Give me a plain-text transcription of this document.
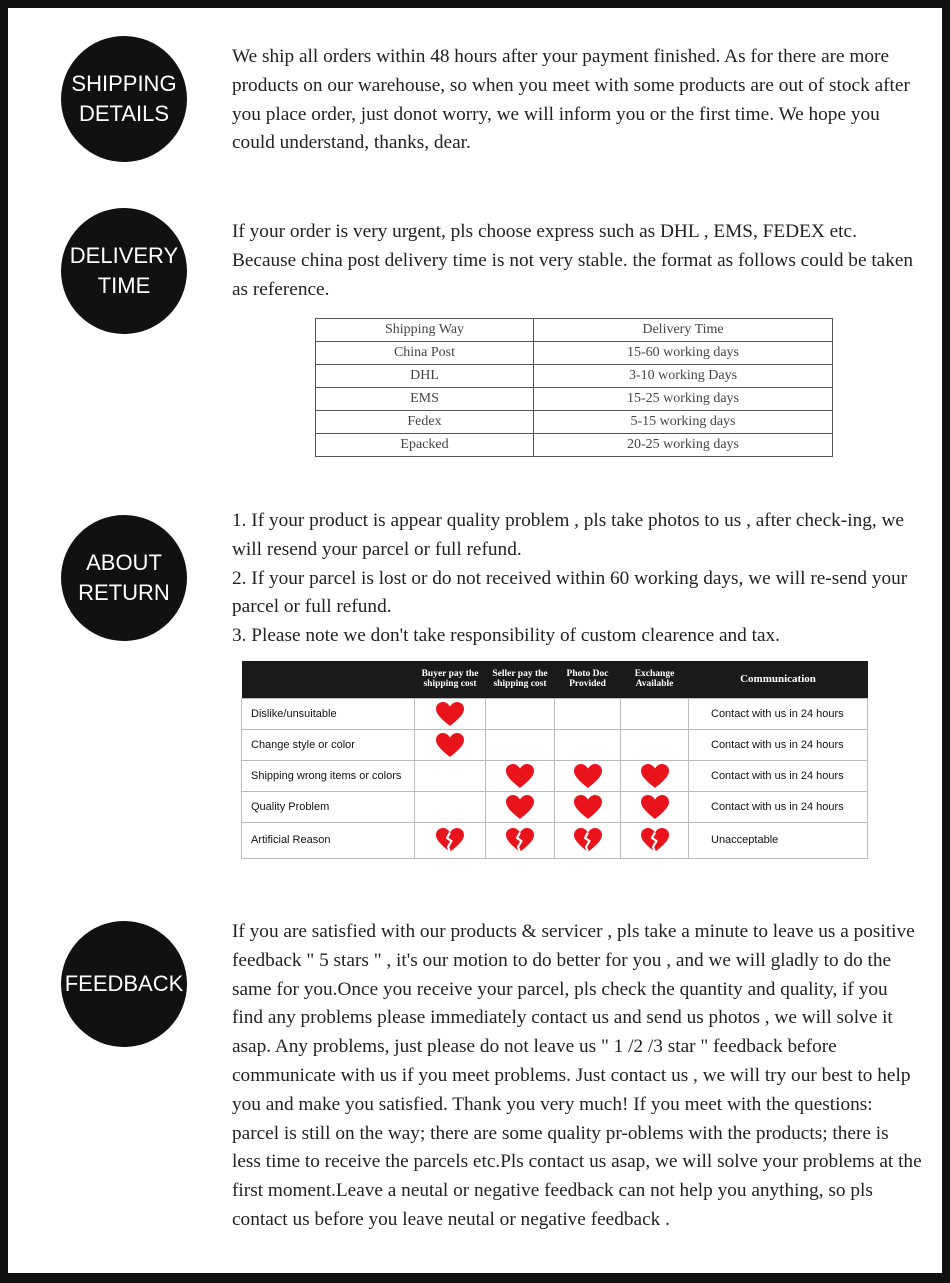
SHIPPING
DETAILS

We ship all orders within 48 hours after your payment finished. As for there are more products on our warehouse, so when you meet with some products are out of stock after you place order, just donot worry, we will inform you or the first time. We hope you could understand, thanks, dear.

DELIVERY
TIME

If your order is very urgent, pls choose express such as DHL , EMS, FEDEX etc. Because china post delivery time is not very stable. the format as follows could be taken as reference.

Shipping Way	Delivery Time
China Post	15-60 working days
DHL	3-10 working Days
EMS	15-25 working days
Fedex	5-15 working days
Epacked	20-25 working days
ABOUT
RETURN

1. If your product is appear quality problem , pls take photos to us , after check-ing, we will resend your parcel or full refund.

2. If your parcel is lost or do not received within 60 working days, we will re-send your parcel or full refund.

3. Please note we don't take responsibility of custom clearence and tax.

	Buyer pay the shipping cost	Seller pay the shipping cost	Photo Doc Provided	Exchange Available	Communication
Dislike/unsuitable					Contact with us in 24 hours
Change style or color					Contact with us in 24 hours
Shipping wrong items or colors					Contact with us in 24 hours
Quality Problem					Contact with us in 24 hours
Artificial Reason					Unacceptable
FEEDBACK

If you are satisfied with our products & servicer , pls take a minute to leave us a positive feedback " 5 stars " , it's our motion to do better for you , and we will gladly to do the same for you.Once you receive your parcel, pls check the quantity and quality, if you find any problems please immediately contact us and send us photos , we will solve it asap. Any problems, just please do not leave us " 1 /2 /3 star " feedback before communicate with us if you meet problems. Just contact us , we will try our best to help you and make you satisfied. Thank you very much! If you meet with the questions: parcel is still on the way; there are some quality pr-oblems with the products; there is less time to receive the parcels etc.Pls contact us asap, we will solve your problems at the first moment.Leave a neutal or negative feedback can not help you anything, so pls contact us before you leave neutal or negative feedback .
